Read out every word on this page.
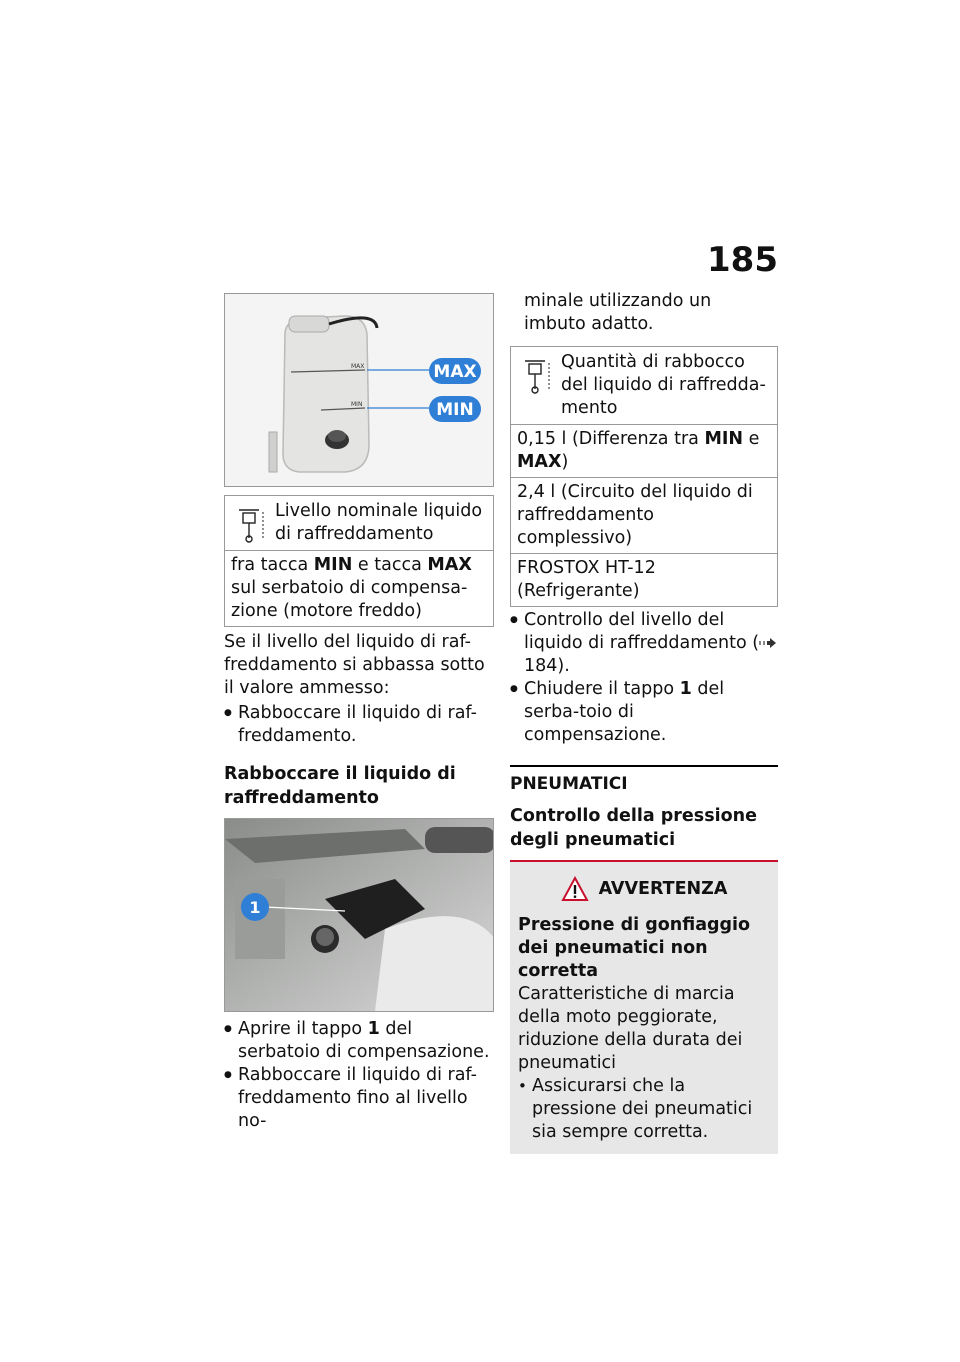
185
MAX
MIN
MAX
MIN
Livello nominale liquido di raffreddamento
fra tacca MIN e tacca MAX sul serbatoio di compensa-zione (motore freddo)
Se il livello del liquido di raf-freddamento si abbassa sotto il valore ammesso:
● Rabboccare il liquido di raf-freddamento.
Rabboccare il liquido di raffreddamento
1
● Aprire il tappo 1 del serbatoio di compensazione.
● Rabboccare il liquido di raf-freddamento fino al livello no-
minale utilizzando un imbuto adatto.
Quantità di rabbocco del liquido di raffredda-mento
0,15 l (Differenza tra MIN e MAX)
2,4 l (Circuito del liquido di raffreddamento complessivo)
FROSTOX HT-12 (Refrigerante)
● Controllo del livello del liquido di raffreddamento ( 184).
● Chiudere il tappo 1 del serba-toio di compensazione.
PNEUMATICI
Controllo della pressione degli pneumatici
AVVERTENZA
Pressione di gonfiaggio dei pneumatici non corretta
Caratteristiche di marcia della moto peggiorate, riduzione della durata dei pneumatici
• Assicurarsi che la pressione dei pneumatici sia sempre corretta.
